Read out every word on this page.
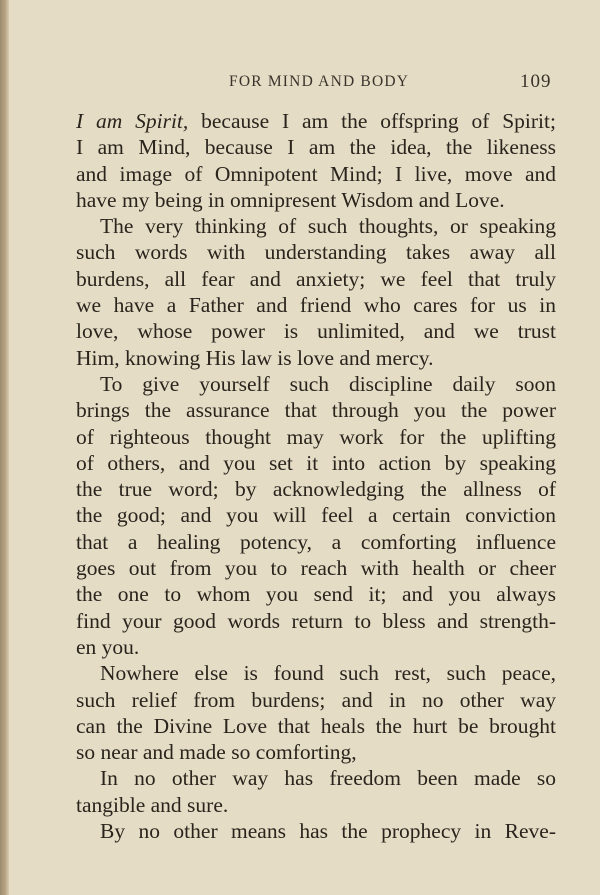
FOR MIND AND BODY	109
I am Spirit, because I am the offspring of Spirit;
I am Mind, because I am the idea, the likeness
and image of Omnipotent Mind; I live, move and
have my being in omnipresent Wisdom and Love.
The very thinking of such thoughts, or speaking
such words with understanding takes away all
burdens, all fear and anxiety; we feel that truly
we have a Father and friend who cares for us in
love, whose power is unlimited, and we trust
Him, knowing His law is love and mercy.
To give yourself such discipline daily soon
brings the assurance that through you the power
of righteous thought may work for the uplifting
of others, and you set it into action by speaking
the true word; by acknowledging the allness of
the good; and you will feel a certain conviction
that a healing potency, a comforting influence
goes out from you to reach with health or cheer
the one to whom you send it; and you always
find your good words return to bless and strength-
en you.
Nowhere else is found such rest, such peace,
such relief from burdens; and in no other way
can the Divine Love that heals the hurt be brought
so near and made so comforting,
In no other way has freedom been made so
tangible and sure.
By no other means has the prophecy in Reve-
